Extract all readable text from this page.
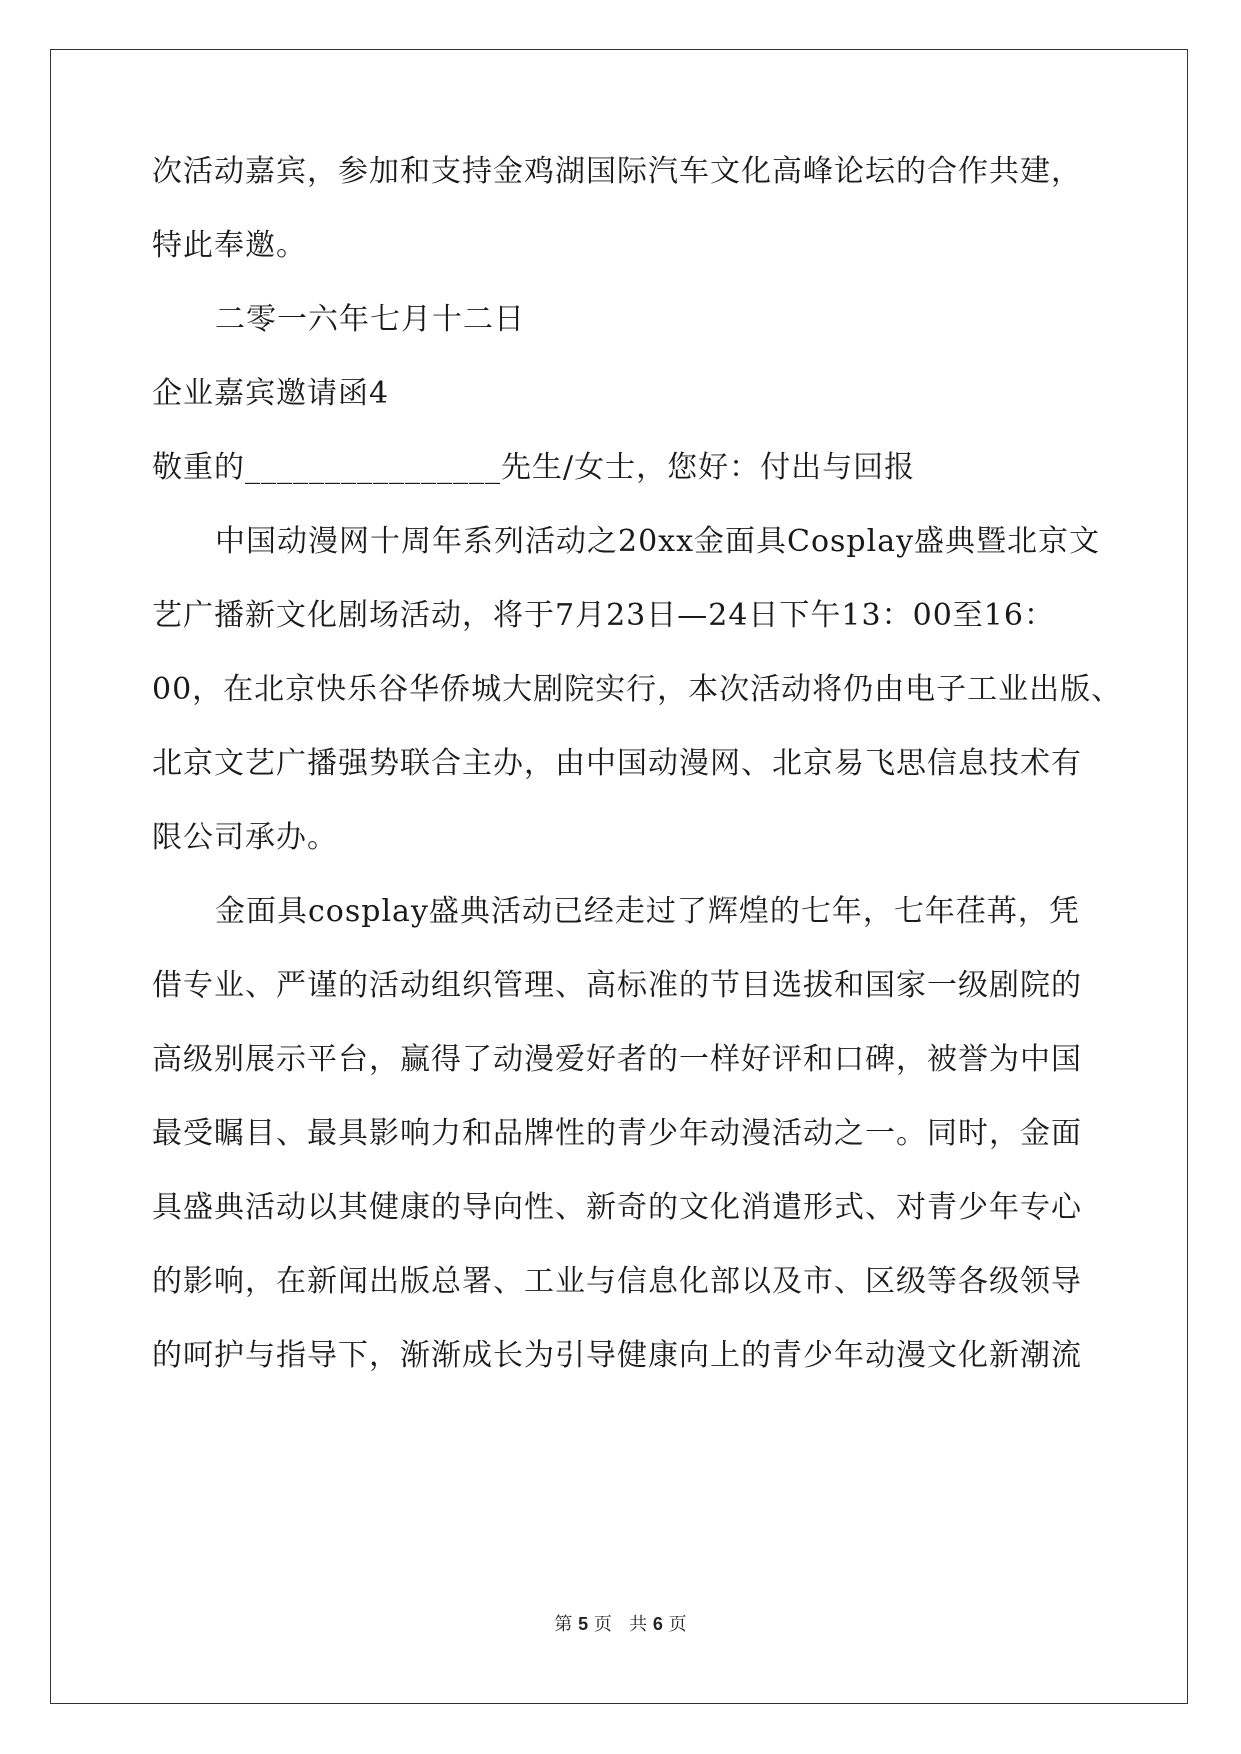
次活动嘉宾，参加和支持金鸡湖国际汽车文化高峰论坛的合作共建，
特此奉邀。
二零一六年七月十二日
企业嘉宾邀请函4
敬重的________________先生/女士，您好：付出与回报
中国动漫网十周年系列活动之20xx金面具Cosplay盛典暨北京文
艺广播新文化剧场活动，将于7月23日—24日下午13：00至16：
00，在北京快乐谷华侨城大剧院实行，本次活动将仍由电子工业出版、
北京文艺广播强势联合主办，由中国动漫网、北京易飞思信息技术有
限公司承办。
金面具cosplay盛典活动已经走过了辉煌的七年，七年荏苒，凭
借专业、严谨的活动组织管理、高标准的节目选拔和国家一级剧院的
高级别展示平台，赢得了动漫爱好者的一样好评和口碑，被誉为中国
最受瞩目、最具影响力和品牌性的青少年动漫活动之一。同时，金面
具盛典活动以其健康的导向性、新奇的文化消遣形式、对青少年专心
的影响，在新闻出版总署、工业与信息化部以及市、区级等各级领导
的呵护与指导下，渐渐成长为引导健康向上的青少年动漫文化新潮流
第 5 页   共 6 页
